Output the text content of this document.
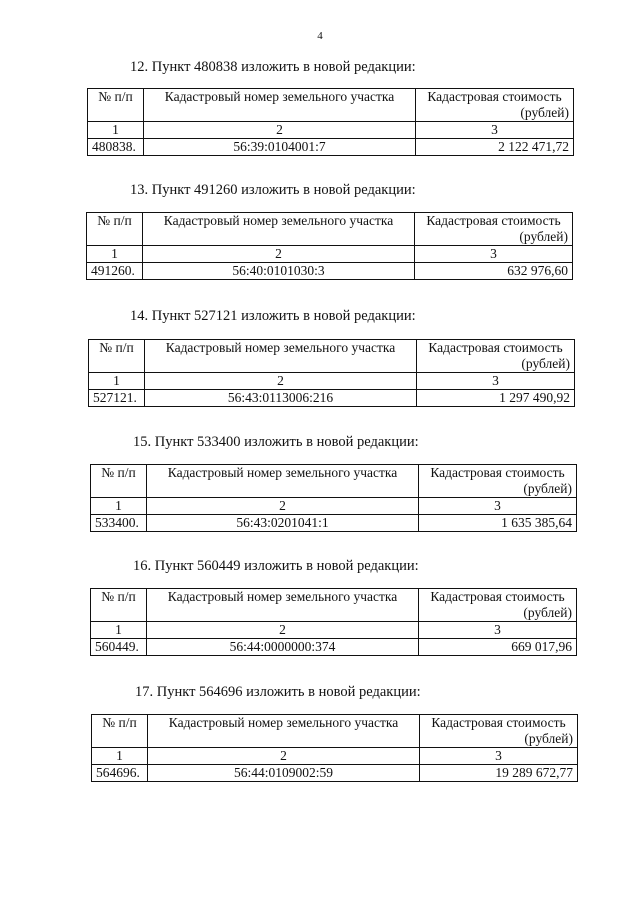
4
12. Пункт 480838 изложить в новой редакции:
№ п/п	Кадастровый номер земельного участка	Кадастровая стоимость
(рублей)

1	2	3
480838.	56:39:0104001:7	2 122 471,72
13. Пункт 491260 изложить в новой редакции:
№ п/п	Кадастровый номер земельного участка	Кадастровая стоимость
(рублей)

1	2	3
491260.	56:40:0101030:3	632 976,60
14. Пункт 527121 изложить в новой редакции:
№ п/п	Кадастровый номер земельного участка	Кадастровая стоимость
(рублей)

1	2	3
527121.	56:43:0113006:216	1 297 490,92
15. Пункт 533400 изложить в новой редакции:
№ п/п	Кадастровый номер земельного участка	Кадастровая стоимость
(рублей)

1	2	3
533400.	56:43:0201041:1	1 635 385,64
16. Пункт 560449 изложить в новой редакции:
№ п/п	Кадастровый номер земельного участка	Кадастровая стоимость
(рублей)

1	2	3
560449.	56:44:0000000:374	669 017,96
17. Пункт 564696 изложить в новой редакции:
№ п/п	Кадастровый номер земельного участка	Кадастровая стоимость
(рублей)

1	2	3
564696.	56:44:0109002:59	19 289 672,77
